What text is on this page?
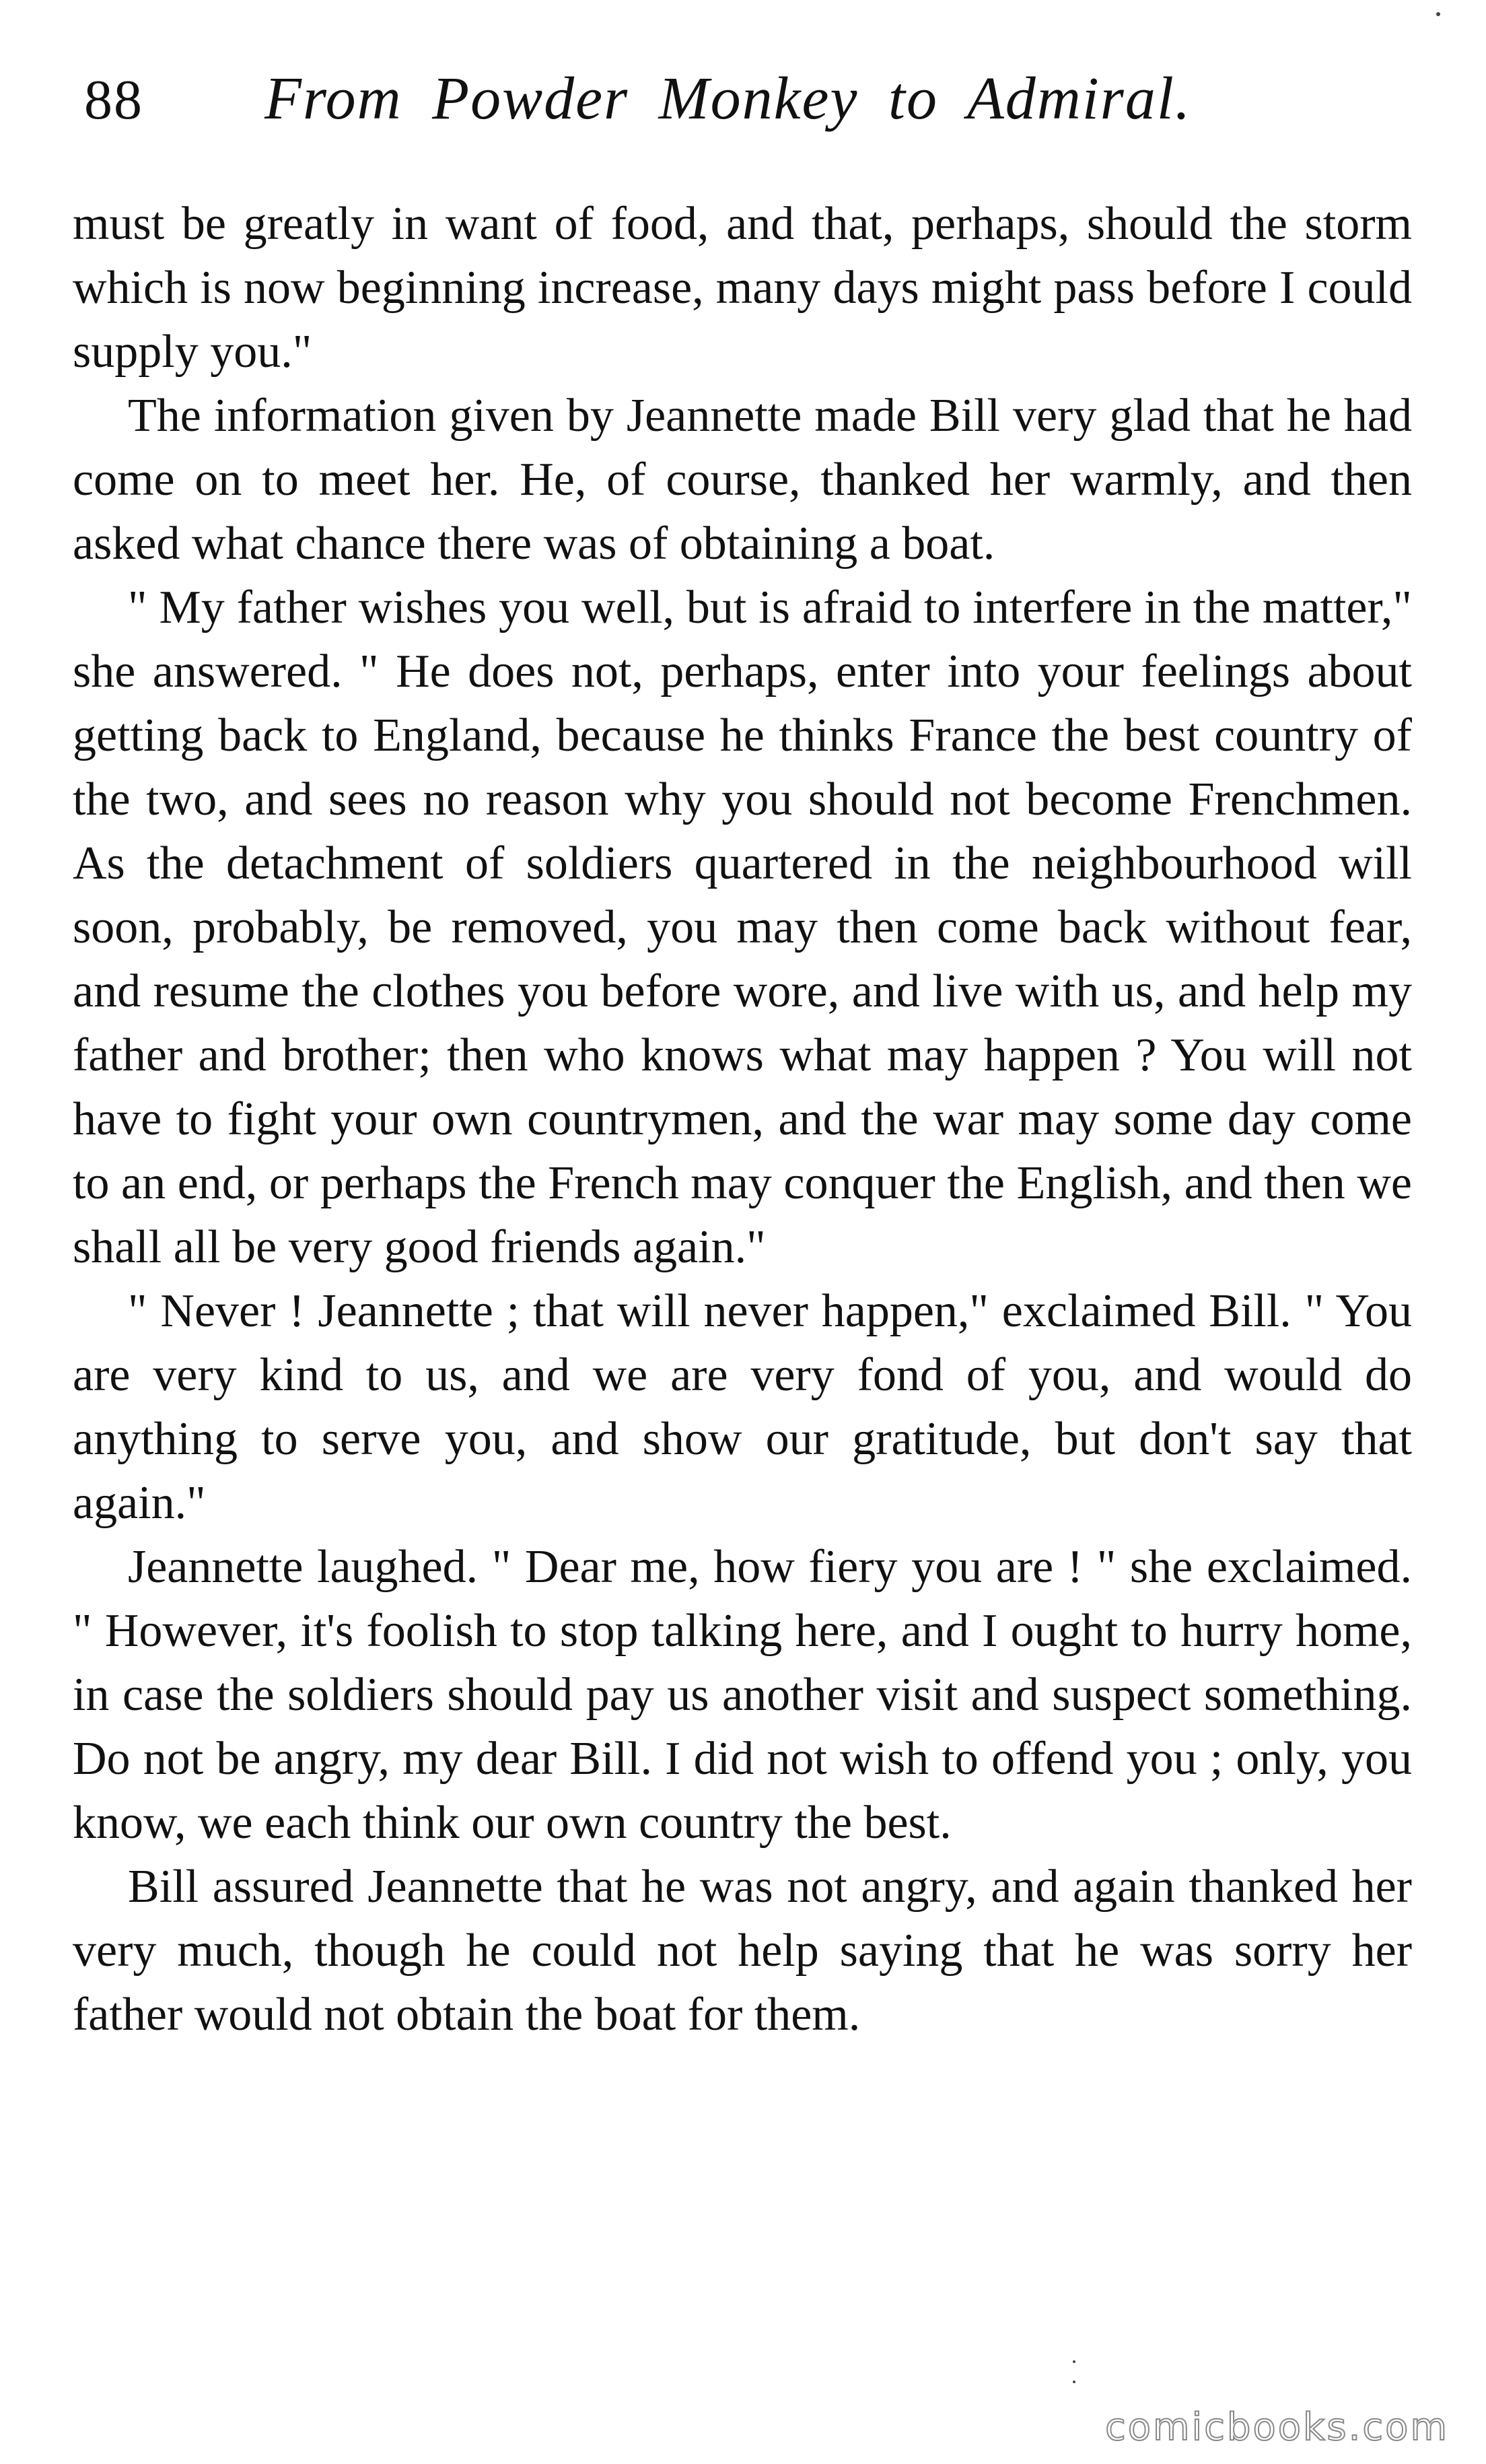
88 From Powder Monkey to Admiral.

must be greatly in want of food, and that, perhaps, should the storm which is now beginning increase, many days might pass before I could supply you."

The information given by Jeannette made Bill very glad that he had come on to meet her. He, of course, thanked her warmly, and then asked what chance there was of obtaining a boat.

" My father wishes you well, but is afraid to interfere in the matter," she answered. " He does not, perhaps, enter into your feelings about getting back to England, because he thinks France the best country of the two, and sees no reason why you should not become Frenchmen. As the detachment of soldiers quartered in the neighbourhood will soon, probably, be removed, you may then come back without fear, and resume the clothes you before wore, and live with us, and help my father and brother; then who knows what may happen ? You will not have to fight your own countrymen, and the war may some day come to an end, or perhaps the French may conquer the English, and then we shall all be very good friends again."

" Never ! Jeannette ; that will never happen," exclaimed Bill. " You are very kind to us, and we are very fond of you, and would do anything to serve you, and show our gratitude, but don't say that again."

Jeannette laughed. " Dear me, how fiery you are ! " she exclaimed. " However, it's foolish to stop talking here, and I ought to hurry home, in case the soldiers should pay us another visit and suspect something. Do not be angry, my dear Bill. I did not wish to offend you ; only, you know, we each think our own country the best.

Bill assured Jeannette that he was not angry, and again thanked her very much, though he could not help saying that he was sorry her father would not obtain the boat for them.

comicbooks.com
